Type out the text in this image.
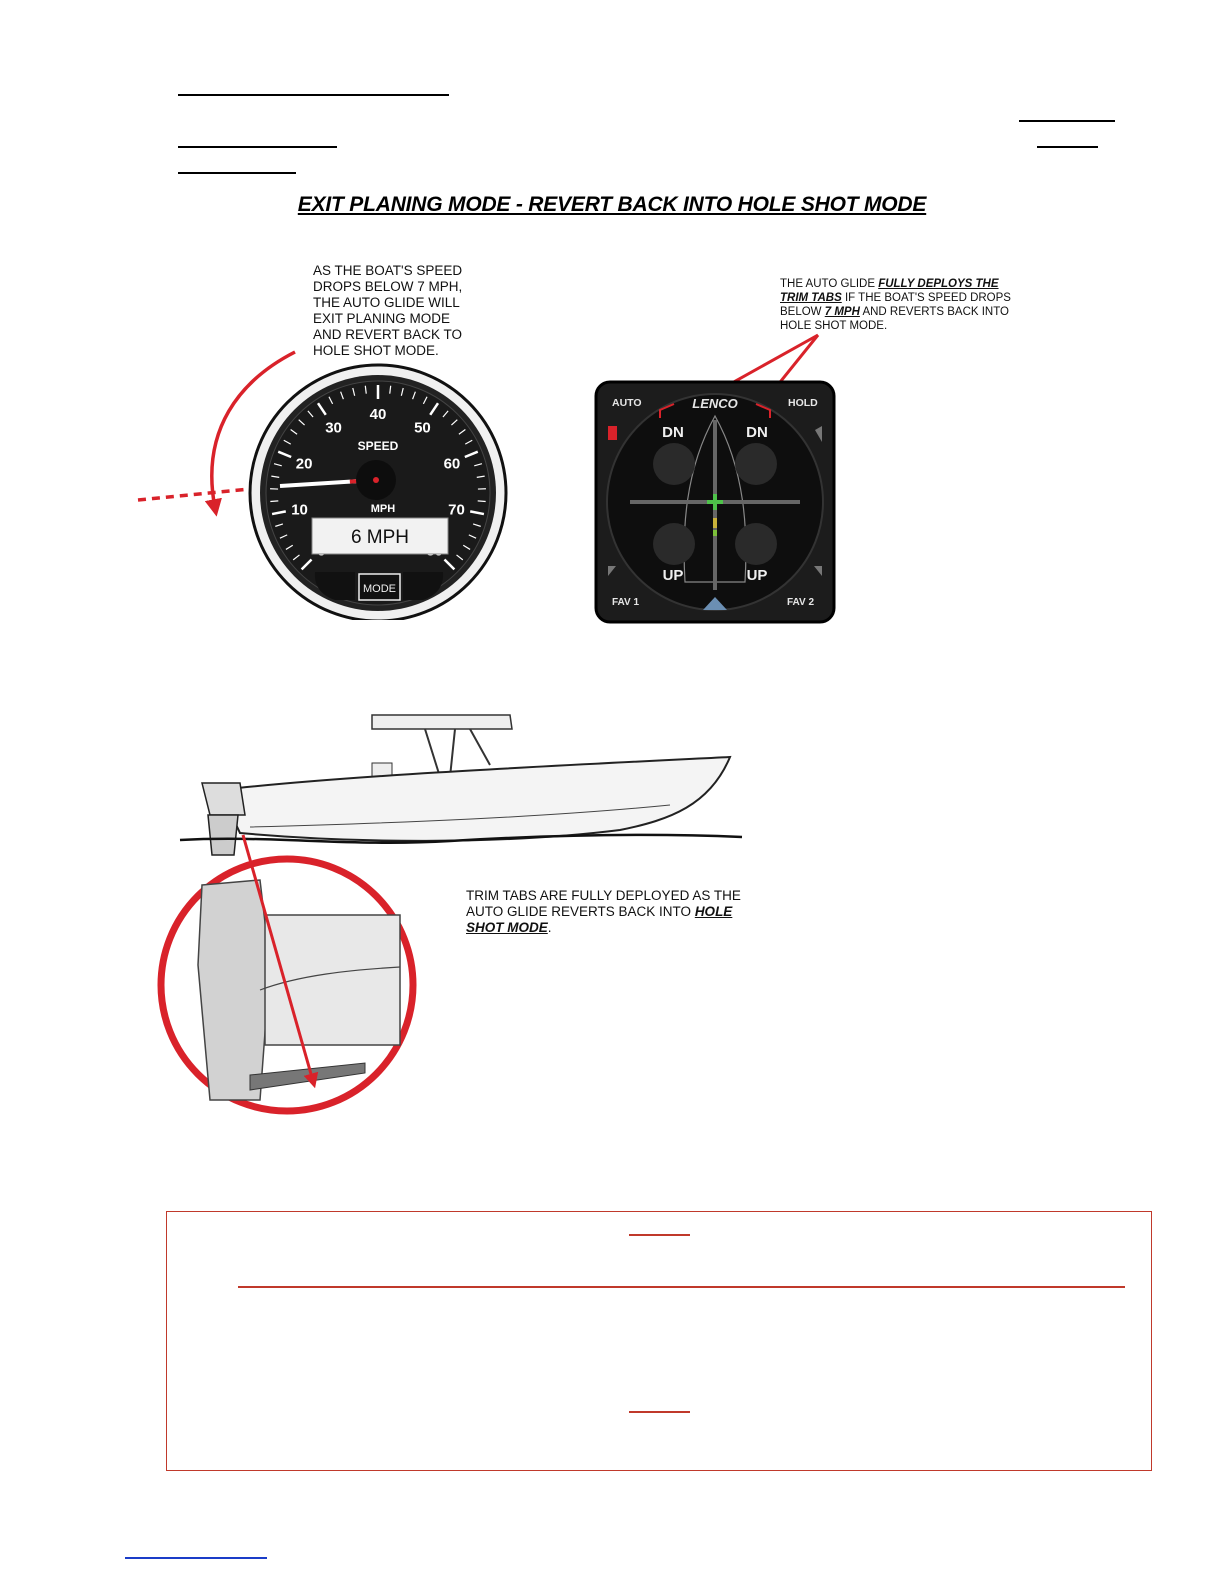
EXIT PLANING MODE - REVERT BACK INTO HOLE SHOT MODE
AS THE BOAT'S SPEED
DROPS BELOW 7 MPH,
THE AUTO GLIDE WILL
EXIT PLANING MODE
AND REVERT BACK TO
HOLE SHOT MODE.
10
20
30
40
50
60
70
SPEED
MPH
6 MPH
MODE
THE AUTO GLIDE FULLY DEPLOYS THE
TRIM TABS IF THE BOAT'S SPEED DROPS
BELOW 7 MPH AND REVERTS BACK INTO
HOLE SHOT MODE.
AUTO	HOLD
LENCO
DN	DN
UP	UP
FAV 1	FAV 2
TRIM TABS ARE FULLY DEPLOYED AS THE
AUTO GLIDE REVERTS BACK INTO HOLE
SHOT MODE.
